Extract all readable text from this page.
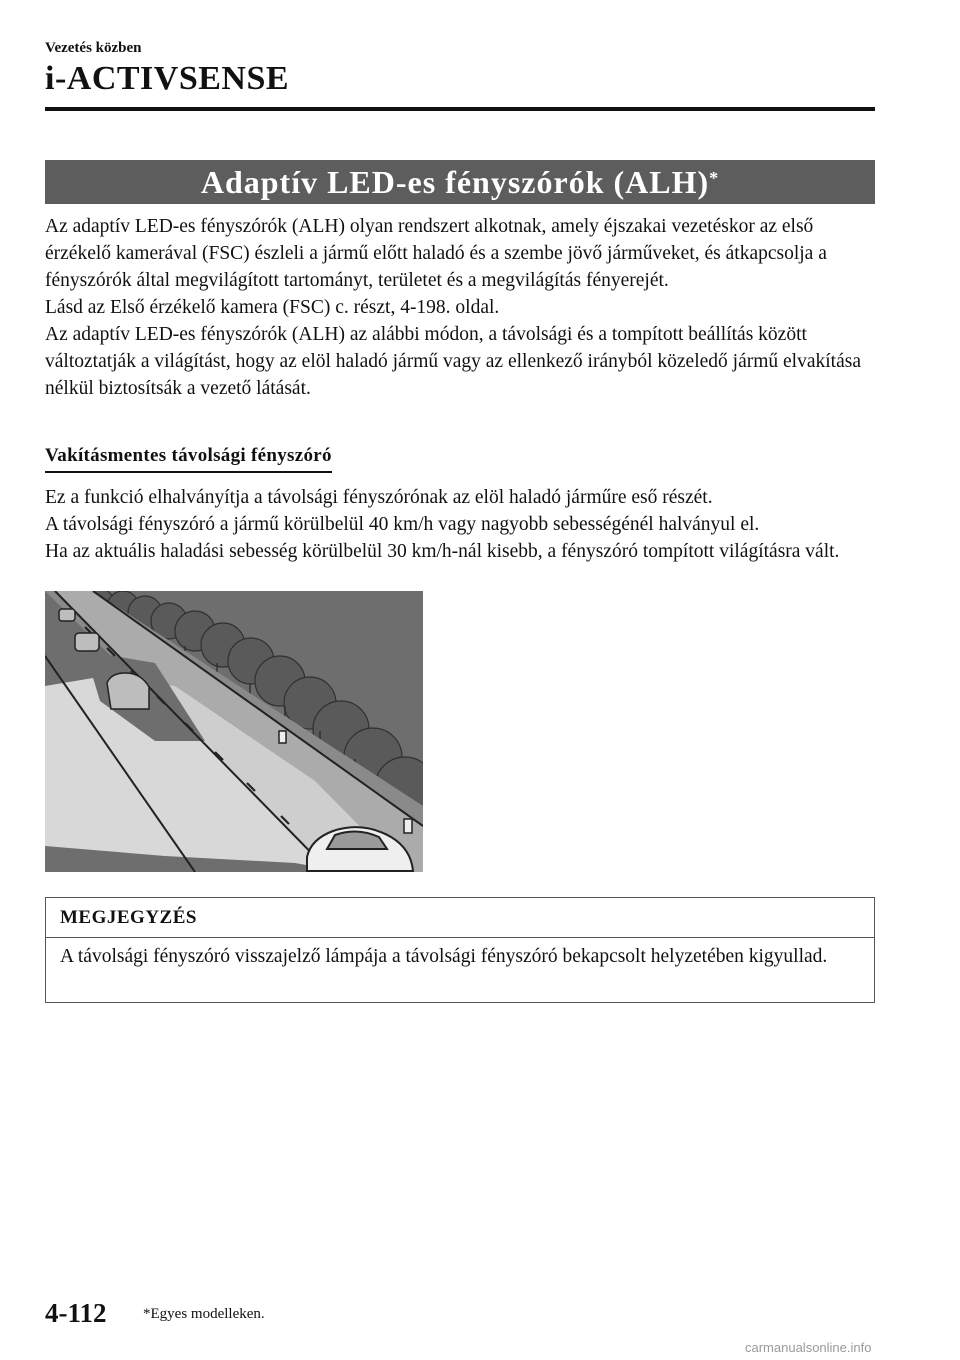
Vezetés közben
i-ACTIVSENSE
Adaptív LED-es fényszórók (ALH)*

Az adaptív LED-es fényszórók (ALH) olyan rendszert alkotnak, amely éjszakai vezetéskor az első érzékelő kamerával (FSC) észleli a jármű előtt haladó és a szembe jövő járműveket, és átkapcsolja a fényszórók által megvilágított tartományt, területet és a megvilágítás fényerejét.

Lásd az Első érzékelő kamera (FSC) c. részt, 4-198. oldal.

Az adaptív LED-es fényszórók (ALH) az alábbi módon, a távolsági és a tompított beállítás között változtatják a világítást, hogy az elöl haladó jármű vagy az ellenkező irányból közeledő jármű elvakítása nélkül biztosítsák a vezető látását.

Vakításmentes távolsági fényszóró

Ez a funkció elhalványítja a távolsági fényszórónak az elöl haladó járműre eső részét.

A távolsági fényszóró a jármű körülbelül 40 km/h vagy nagyobb sebességénél halványul el.

Ha az aktuális haladási sebesség körülbelül 30 km/h-nál kisebb, a fényszóró tompított világításra vált.

MEGJEGYZÉS
A távolsági fényszóró visszajelző lámpája a távolsági fényszóró bekapcsolt helyzetében kigyullad.
4-112 *Egyes modelleken.
carmanualsonline.info
